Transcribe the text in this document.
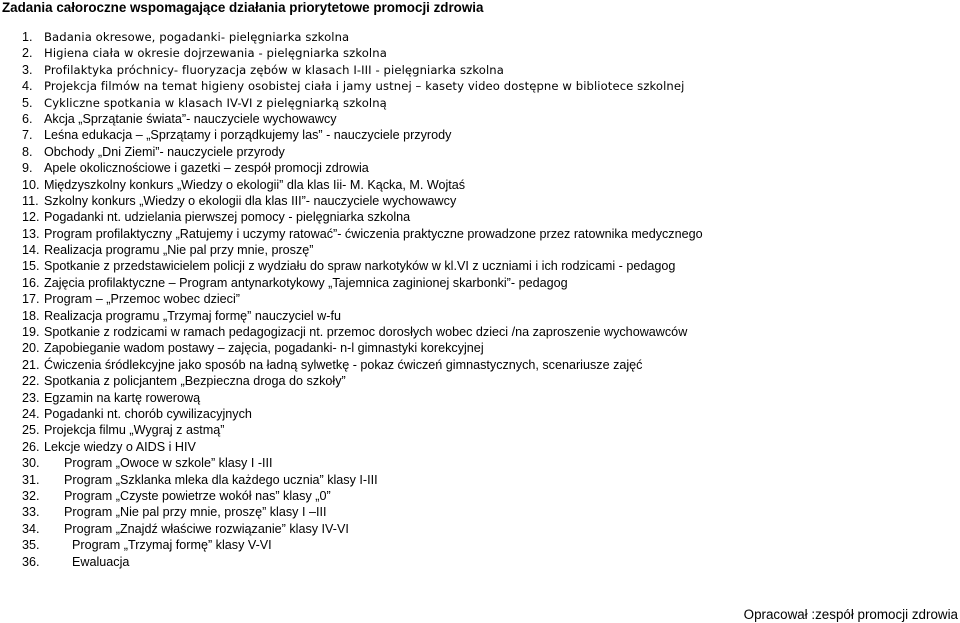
Zadania całoroczne wspomagające działania priorytetowe promocji zdrowia
1. Badania okresowe, pogadanki- pielęgniarka szkolna
2. Higiena ciała w okresie dojrzewania - pielęgniarka szkolna
3. Profilaktyka próchnicy- fluoryzacja zębów w klasach I-III - pielęgniarka szkolna
4. Projekcja filmów na temat higieny osobistej ciała i jamy ustnej – kasety video dostępne w bibliotece szkolnej
5. Cykliczne spotkania w klasach IV-VI z pielęgniarką szkolną
6. Akcja „Sprzątanie świata”- nauczyciele wychowawcy
7. Leśna edukacja – „Sprzątamy i porządkujemy las” - nauczyciele przyrody
8. Obchody „Dni Ziemi”- nauczyciele przyrody
9. Apele okolicznościowe i gazetki – zespół promocji zdrowia
10. Międzyszkolny konkurs „Wiedzy o ekologii” dla klas Iii- M. Kącka, M. Wojtaś
11. Szkolny konkurs „Wiedzy o ekologii dla klas III”- nauczyciele wychowawcy
12. Pogadanki nt. udzielania pierwszej pomocy - pielęgniarka szkolna
13. Program profilaktyczny „Ratujemy i uczymy ratować”- ćwiczenia praktyczne prowadzone przez ratownika medycznego
14. Realizacja programu „Nie pal przy mnie, proszę”
15. Spotkanie z przedstawicielem policji z wydziału do spraw narkotyków w kl.VI z uczniami i ich rodzicami - pedagog
16. Zajęcia profilaktyczne – Program antynarkotykowy „Tajemnica zaginionej skarbonki”- pedagog
17. Program – „Przemoc wobec dzieci”
18. Realizacja programu „Trzymaj formę” nauczyciel w-fu
19. Spotkanie z rodzicami w ramach pedagogizacji nt. przemoc dorosłych wobec dzieci /na zaproszenie wychowawców
20. Zapobieganie wadom postawy – zajęcia, pogadanki- n-l gimnastyki korekcyjnej
21. Ćwiczenia śródlekcyjne jako sposób na ładną sylwetkę - pokaz ćwiczeń gimnastycznych, scenariusze zajęć
22. Spotkania z policjantem „Bezpieczna droga do szkoły”
23. Egzamin na kartę rowerową
24. Pogadanki nt. chorób cywilizacyjnych
25. Projekcja filmu „Wygraj z astmą”
26. Lekcje wiedzy o AIDS i HIV
30. Program „Owoce w szkole” klasy I -III
31. Program „Szklanka mleka dla każdego ucznia” klasy I-III
32. Program „Czyste powietrze wokół nas” klasy „0”
33. Program „Nie pal przy mnie, proszę” klasy I –III
34. Program „Znajdź właściwe rozwiązanie” klasy IV-VI
35.	Program „Trzymaj formę” klasy V-VI
36.	Ewaluacja
Opracował :zespół promocji zdrowia
